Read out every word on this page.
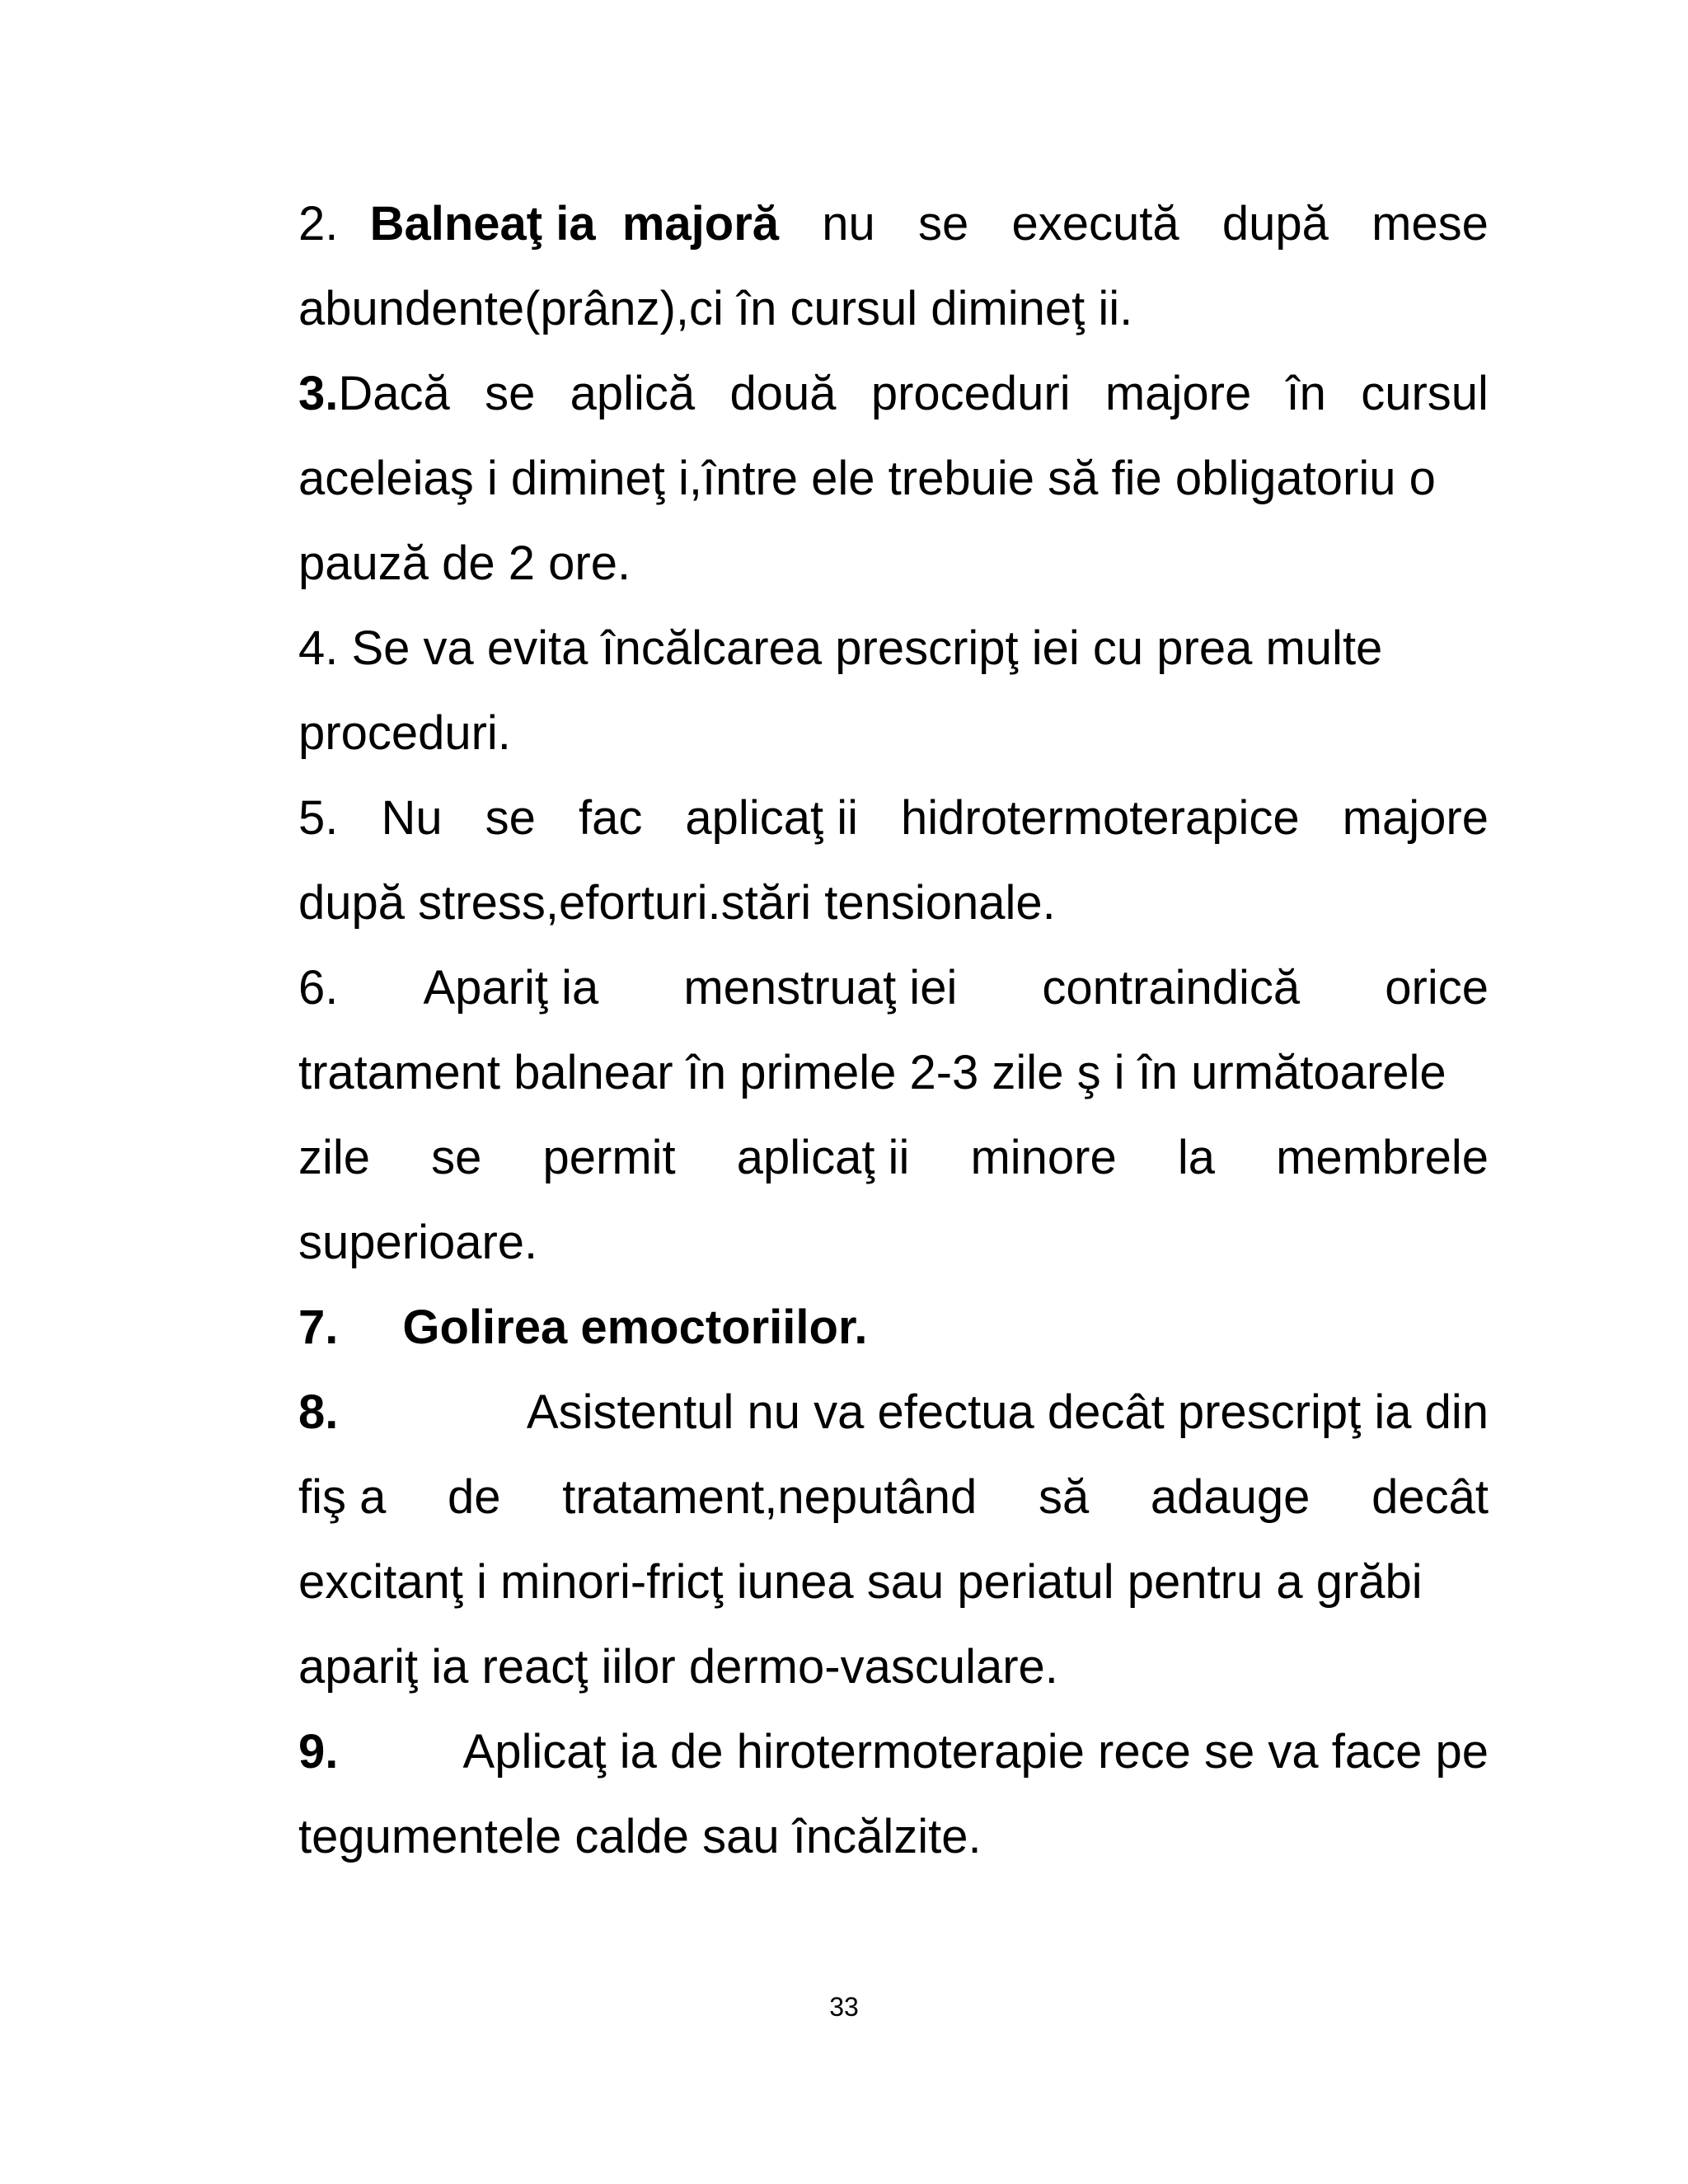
2. Balneaţ ia  majoră nu se execută după mese
abundente(prânz),ci în cursul dimineţ ii.
3. Dacă se aplică două proceduri majore în cursul
aceleiaş i dimineţ i,între ele trebuie să fie obligatoriu o
pauză de 2 ore.
4. Se va evita încălcarea prescripţ iei cu prea multe
proceduri.
5. Nu se fac aplicaţ ii hidrotermoterapice majore
după stress,eforturi.stări tensionale.
6. Apariţ ia menstruaţ iei contraindică orice
tratament balnear în primele 2-3 zile ş i în următoarele
zile se permit aplicaţ ii minore la membrele
superioare.
7. Golirea emoctoriilor.
8.	Asistentul nu va efectua decât prescripţ ia din
fiş a de tratament,neputând să adauge decât
excitanţ i minori-fricţ iunea sau periatul pentru a grăbi
apariţ ia reacţ iilor dermo-vasculare.
9.	Aplicaţ ia de hirotermoterapie rece se va face pe
tegumentele calde sau încălzite.
33
